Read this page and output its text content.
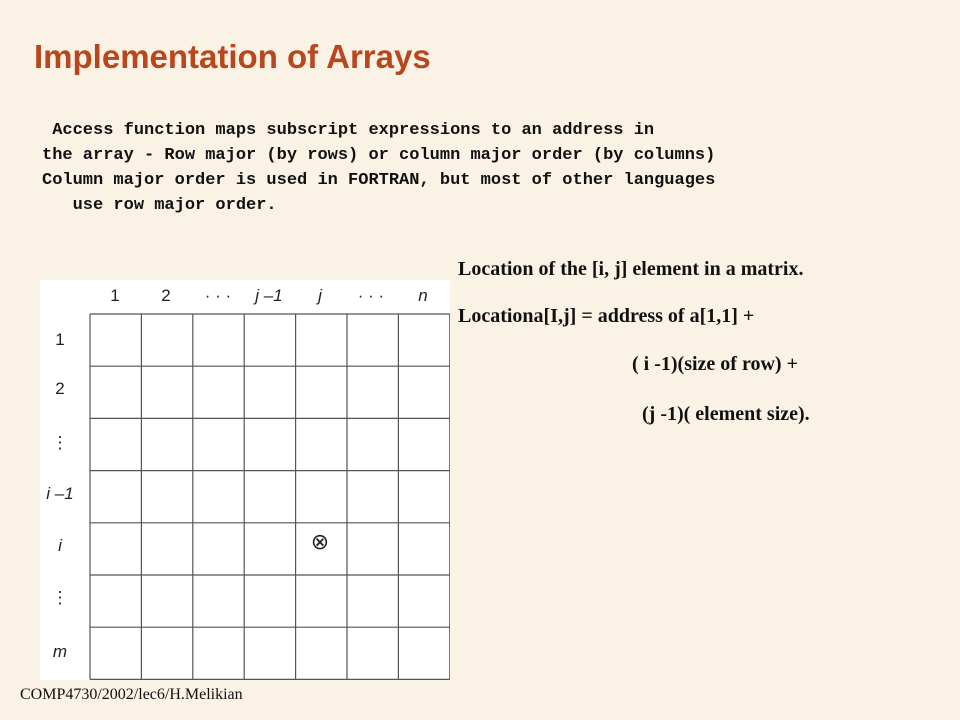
Implementation of Arrays
Access function maps subscript expressions to an address in
the array - Row major (by rows) or column major order (by columns)
Column major order is used in FORTRAN, but most of other languages
use row major order.
Location of the [i, j] element in a matrix.
Locationa[I,j] = address of a[1,1] +
( i -1)(size of row) +
(j -1)( element size).
1 2 · · · j –1 j · · · n
1
2
⋮
i –1
i
⋮
m
⊗
COMP4730/2002/lec6/H.Melikian
